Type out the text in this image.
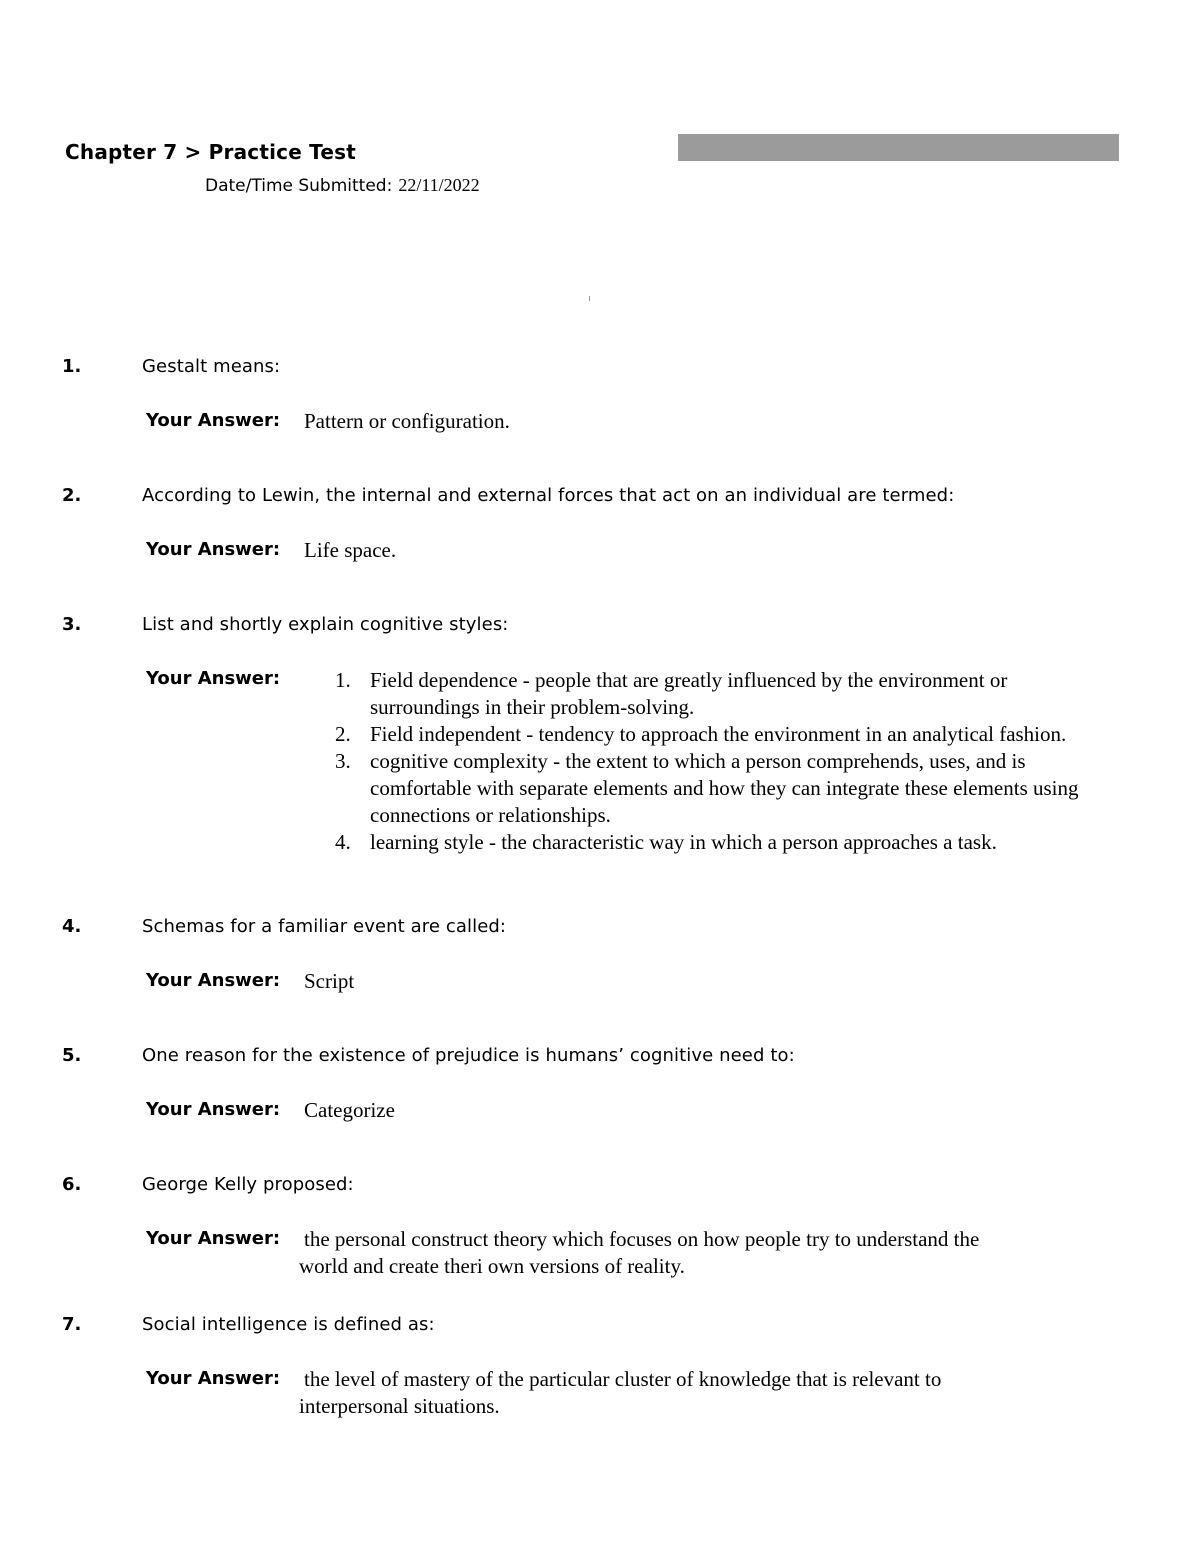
Chapter 7 > Practice Test
Date/Time Submitted: 22/11/2022
1.	Gestalt means:
Your Answer: Pattern or configuration.
2.	According to Lewin, the internal and external forces that act on an individual are termed:
Your Answer: Life space.
3.	List and shortly explain cognitive styles:
Your Answer:	1. Field dependence - people that are greatly influenced by the environment or surroundings in their problem-solving.
2. Field independent - tendency to approach the environment in an analytical fashion.
3. cognitive complexity - the extent to which a person comprehends, uses, and is comfortable with separate elements and how they can integrate these elements using connections or relationships.
4. learning style - the characteristic way in which a person approaches a task.
4.	Schemas for a familiar event are called:
Your Answer: Script
5.	One reason for the existence of prejudice is humans’ cognitive need to:
Your Answer: Categorize
6.	George Kelly proposed:
Your Answer: the personal construct theory which focuses on how people try to understand the
world and create theri own versions of reality.
7.	Social intelligence is defined as:
Your Answer: the level of mastery of the particular cluster of knowledge that is relevant to
interpersonal situations.
